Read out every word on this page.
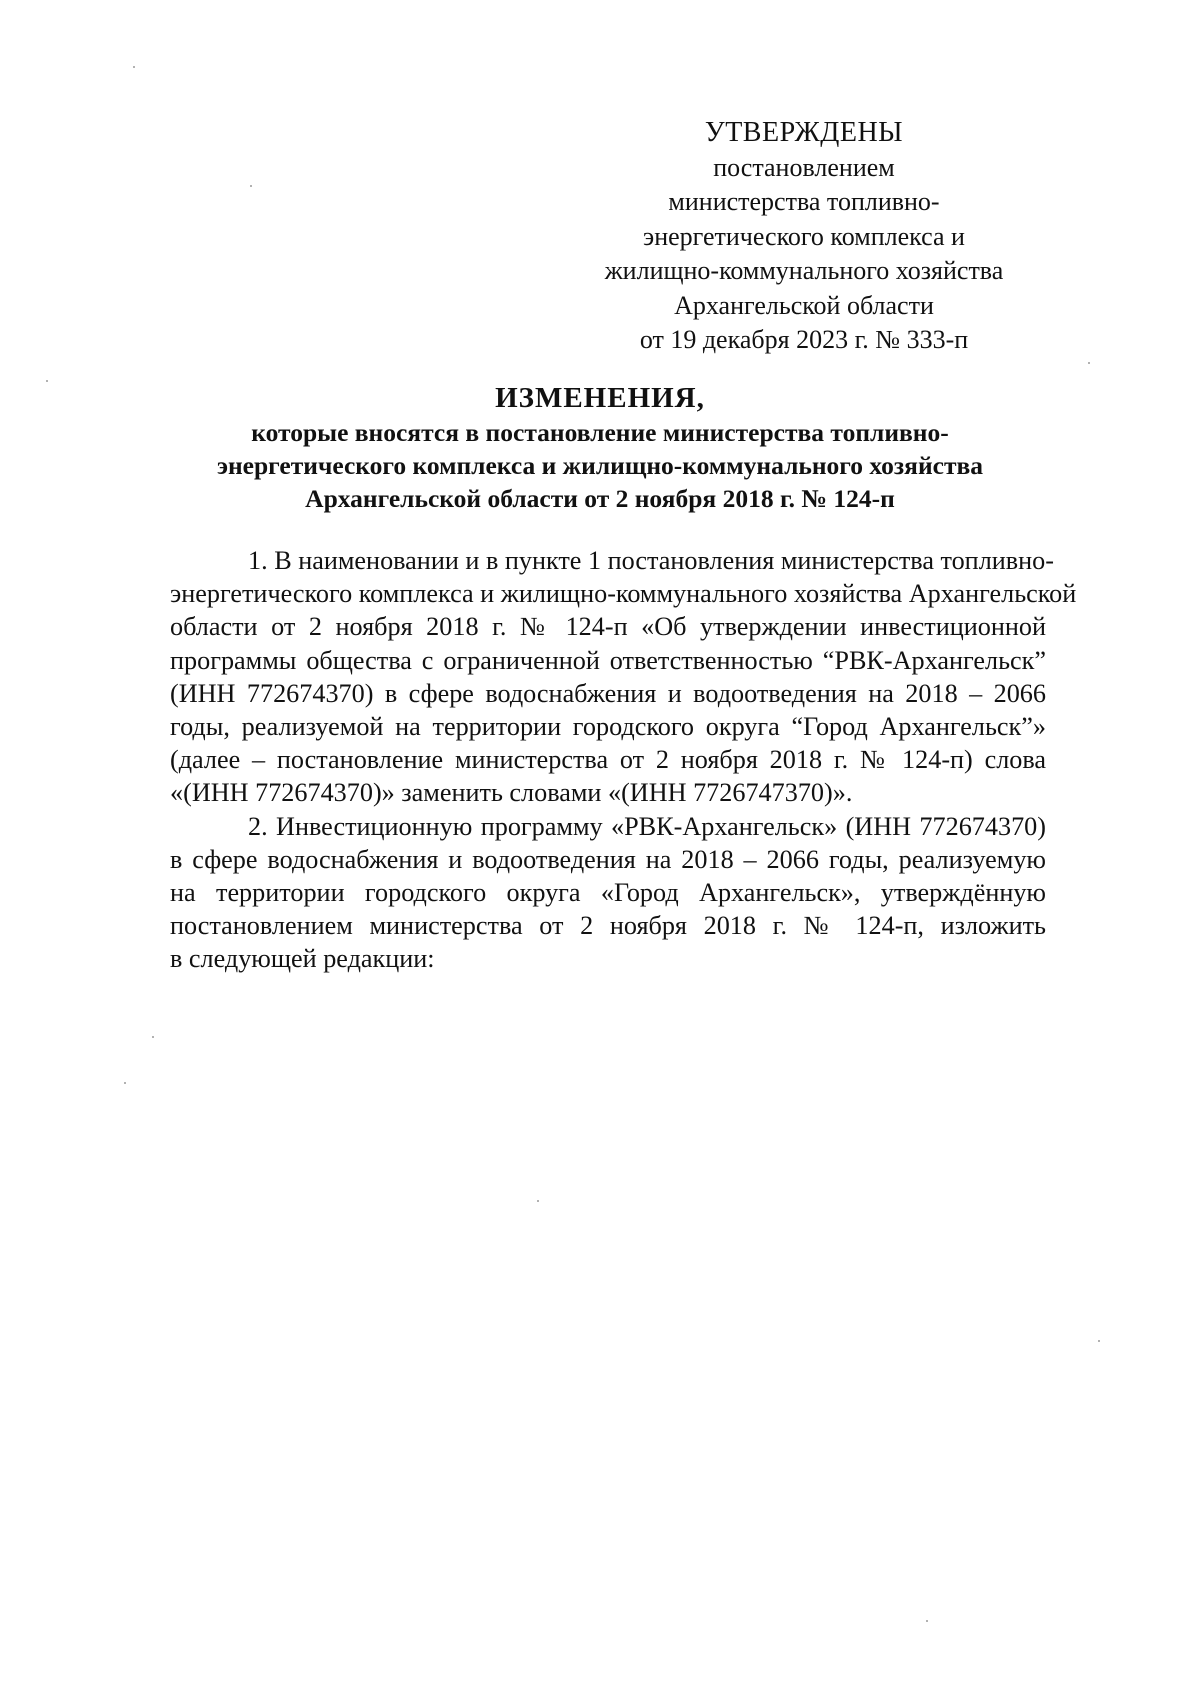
УТВЕРЖДЕНЫ
постановлением
министерства топливно-
энергетического комплекса и
жилищно-коммунального хозяйства
Архангельской области
от 19 декабря 2023 г. № 333-п
ИЗМЕНЕНИЯ,
которые вносятся в постановление министерства топливно-
энергетического комплекса и жилищно-коммунального хозяйства
Архангельской области от 2 ноября 2018 г. № 124-п
1. В наименовании и в пункте 1 постановления министерства топливно-
энергетического комплекса и жилищно-коммунального хозяйства Архангельской
области от 2 ноября 2018 г. № 124-п «Об утверждении инвестиционной
программы общества с ограниченной ответственностью “РВК-Архангельск”
(ИНН 772674370) в сфере водоснабжения и водоотведения на 2018 – 2066
годы, реализуемой на территории городского округа “Город Архангельск”»
(далее – постановление министерства от 2 ноября 2018 г. № 124-п) слова
«(ИНН 772674370)» заменить словами «(ИНН 7726747370)».
2. Инвестиционную программу «РВК-Архангельск» (ИНН 772674370)
в сфере водоснабжения и водоотведения на 2018 – 2066 годы, реализуемую
на территории городского округа «Город Архангельск», утверждённую
постановлением министерства от 2 ноября 2018 г. № 124-п, изложить
в следующей редакции:
